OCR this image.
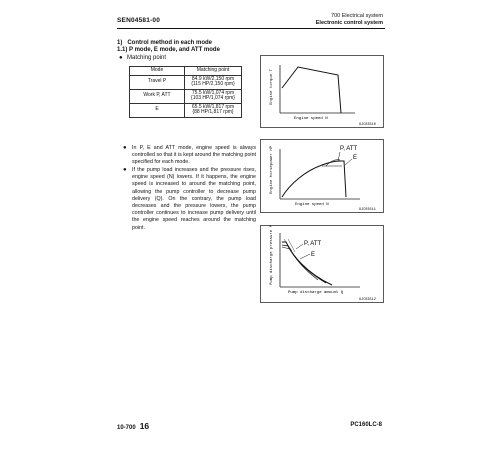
SEN04581-00
700 Electrical system
Electronic control system
1)   Control method in each mode
1.1) P mode, E mode, and ATT mode
● Matching point
Mode	Matching point
Travel P	84.9 kW/2,150 rpm
{115 HP/2,150 rpm}
Work P, ATT	75.5 kW/1,074 rpm
{103 HP/1,074 rpm}
E	65.5 kW/1,817 rpm
{88 HP/1,817 rpm}
● In P, E and ATT mode, engine speed is always controlled so that it is kept around the matching point specified for each mode.
● If the pump load increases and the pressure rises, engine speed (N) lowers. If it happens, the engine speed is increased to around the matching point, allowing the pump controller to decrease pump delivery (Q). On the contrary, the pump load decreases and the pressure lowers, the pump controller continues to increase pump delivery until the engine speed reaches around the matching point.
Engine torque T
Engine speed N
9JC03510
P, ATT
E
Engine horsepower HP
Engine speed N
9JC03511
P, ATT
E
Pump discharge pressure P
Pump discharge amount Q
9JC03512
10-700 16	PC160LC-8
